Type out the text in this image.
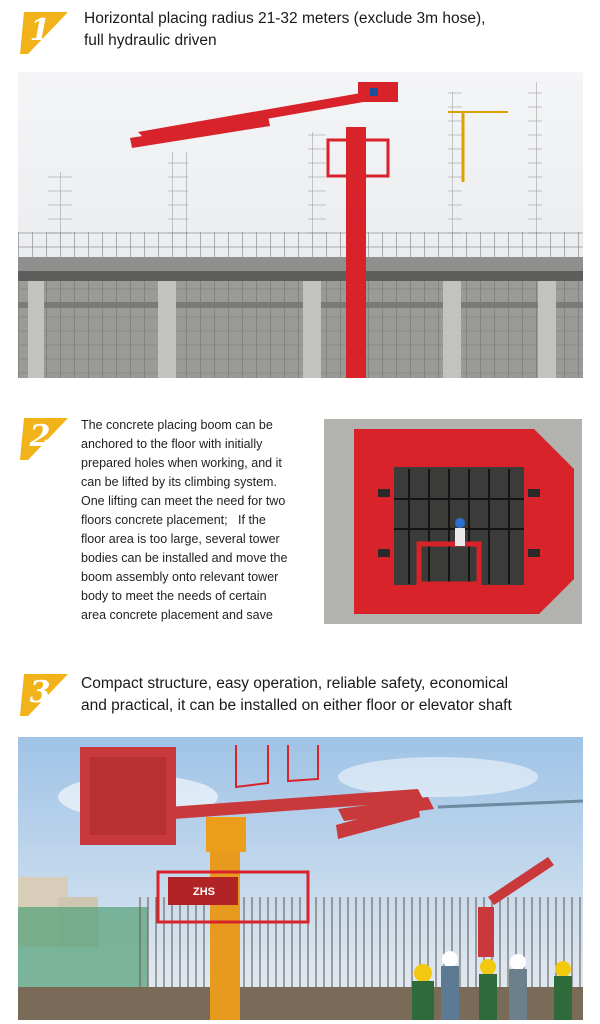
1	Horizontal placing radius 21-32 meters (exclude 3m hose),
full hydraulic driven
2	The concrete placing boom can be
anchored to the floor with initially
prepared holes when working, and it
can be lifted by its climbing system.
One lifting can meet the need for two
floors concrete placement;   If the
floor area is too large, several tower
bodies can be installed and move the
boom assembly onto relevant tower
body to meet the needs of certain
area concrete placement and save
3	Compact structure, easy operation, reliable safety, economical
and practical, it can be installed on either floor or elevator shaft
ZHS
